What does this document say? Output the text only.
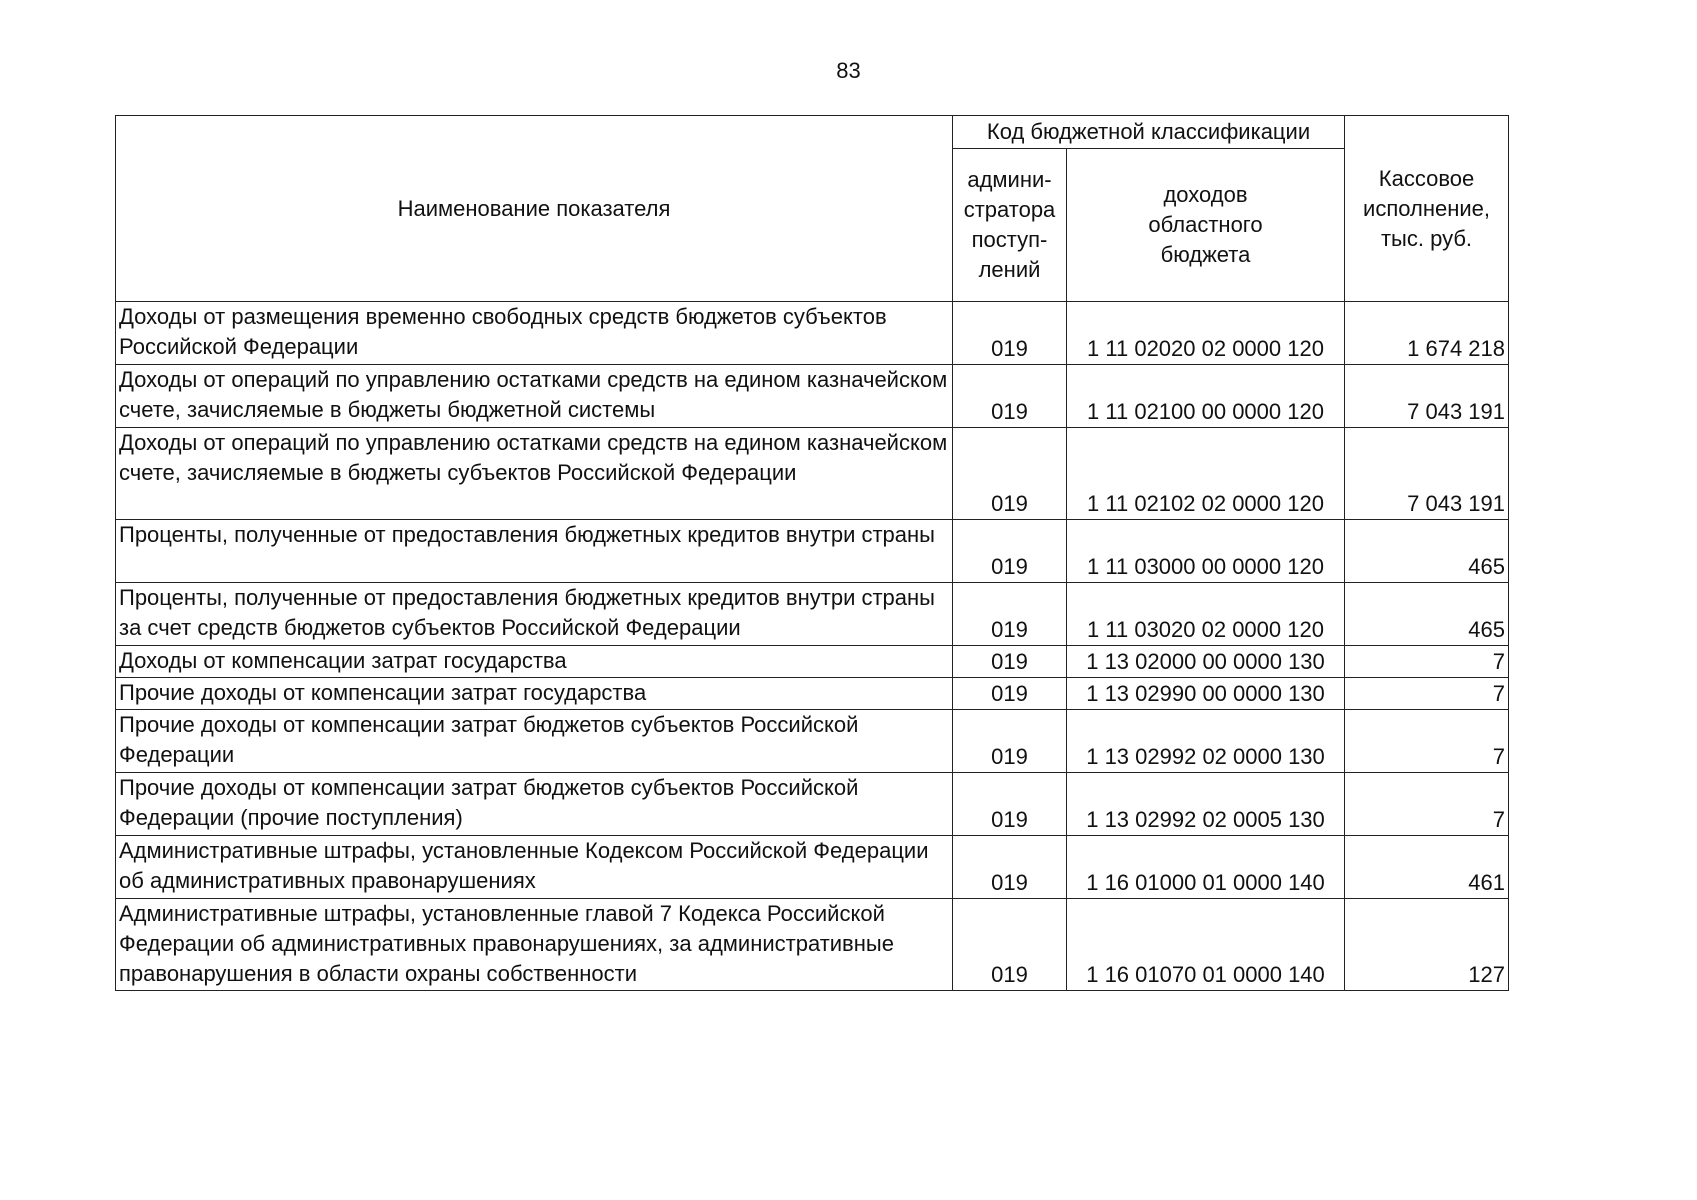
83
Наименование показателя	Код бюджетной классификации		Кассовое
исполнение,
тыс. руб.
	админи-
стратора
поступ-
лений	доходов
областного
бюджета	
Доходы от размещения временно свободных средств бюджетов субъектов Российской Федерации	019	1 11 02020 02 0000 120	1 674 218
Доходы от операций по управлению остатками средств на едином казначейском счете, зачисляемые в бюджеты бюджетной системы	019	1 11 02100 00 0000 120	7 043 191
Доходы от операций по управлению остатками средств на едином казначейском счете, зачисляемые в бюджеты субъектов Российской Федерации	019	1 11 02102 02 0000 120	7 043 191
Проценты, полученные от предоставления бюджетных кредитов внутри страны	019	1 11 03000 00 0000 120	465
Проценты, полученные от предоставления бюджетных кредитов внутри страны за счет средств бюджетов субъектов Российской Федерации	019	1 11 03020 02 0000 120	465
Доходы от компенсации затрат государства	019	1 13 02000 00 0000 130	7
Прочие доходы от компенсации затрат государства	019	1 13 02990 00 0000 130	7
Прочие доходы от компенсации затрат бюджетов субъектов Российской Федерации	019	1 13 02992 02 0000 130	7
Прочие доходы от компенсации затрат бюджетов субъектов Российской Федерации (прочие поступления)	019	1 13 02992 02 0005 130	7
Административные штрафы, установленные Кодексом Российской Федерации об административных правонарушениях	019	1 16 01000 01 0000 140	461
Административные штрафы, установленные главой 7 Кодекса Российской Федерации об административных правонарушениях, за административные правонарушения в области охраны собственности	019	1 16 01070 01 0000 140	127
